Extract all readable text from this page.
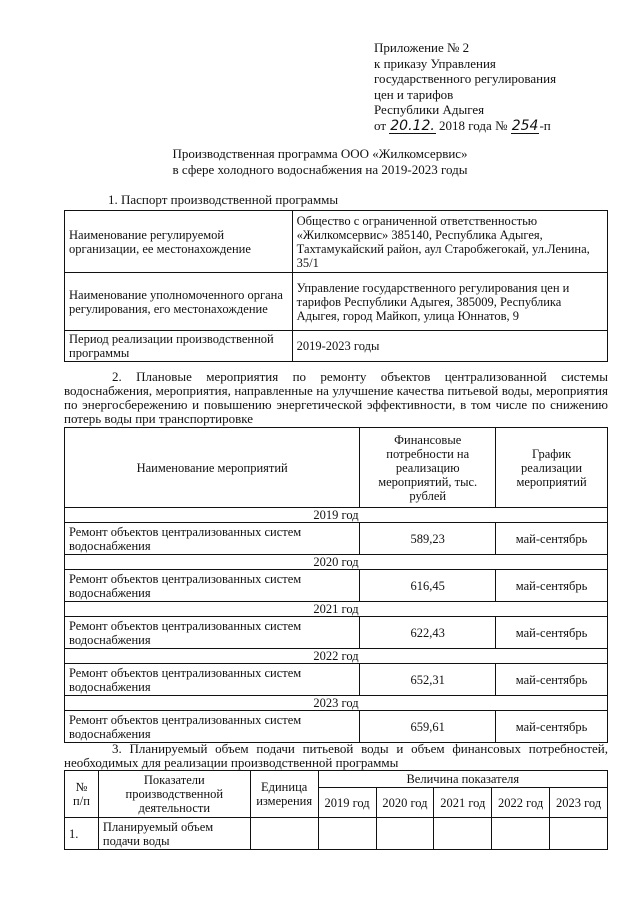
Приложение № 2
к приказу Управления
государственного регулирования
цен и тарифов
Республики Адыгея
от 20.12. 2018 года № 254-п
Производственная программа ООО «Жилкомсервис»
в сфере холодного водоснабжения на 2019-2023 годы
1. Паспорт производственной программы
Наименование регулируемой организации, ее местонахождение	Общество с ограниченной ответственностью «Жилкомсервис» 385140, Республика Адыгея, Тахтамукайский район, аул Старобжегокай, ул.Ленина, 35/1
Наименование уполномоченного органа регулирования, его местонахождение	Управление государственного регулирования цен и тарифов Республики Адыгея, 385009, Республика Адыгея, город Майкоп, улица Юннатов, 9
Период реализации производственной программы	2019-2023 годы
2. Плановые мероприятия по ремонту объектов централизованной системы водоснабжения, мероприятия, направленные на улучшение качества питьевой воды, мероприятия по энергосбережению и повышению энергетической эффективности, в том числе по снижению потерь воды при транспортировке
Наименование мероприятий	Финансовые потребности на реализацию мероприятий, тыс. рублей	График реализации мероприятий
2019 год		
Ремонт объектов централизованных систем водоснабжения	589,23	май-сентябрь
2020 год		
Ремонт объектов централизованных систем водоснабжения	616,45	май-сентябрь
2021 год		
Ремонт объектов централизованных систем водоснабжения	622,43	май-сентябрь
2022 год		
Ремонт объектов централизованных систем водоснабжения	652,31	май-сентябрь
2023 год		
Ремонт объектов централизованных систем водоснабжения	659,61	май-сентябрь
3. Планируемый объем подачи питьевой воды и объем финансовых потребностей, необходимых для реализации производственной программы
№ п/п	Показатели производственной деятельности	Единица измерения	Величина показателя				
			2019 год	2020 год	2021 год	2022 год	2023 год
1.	Планируемый объем подачи воды						
